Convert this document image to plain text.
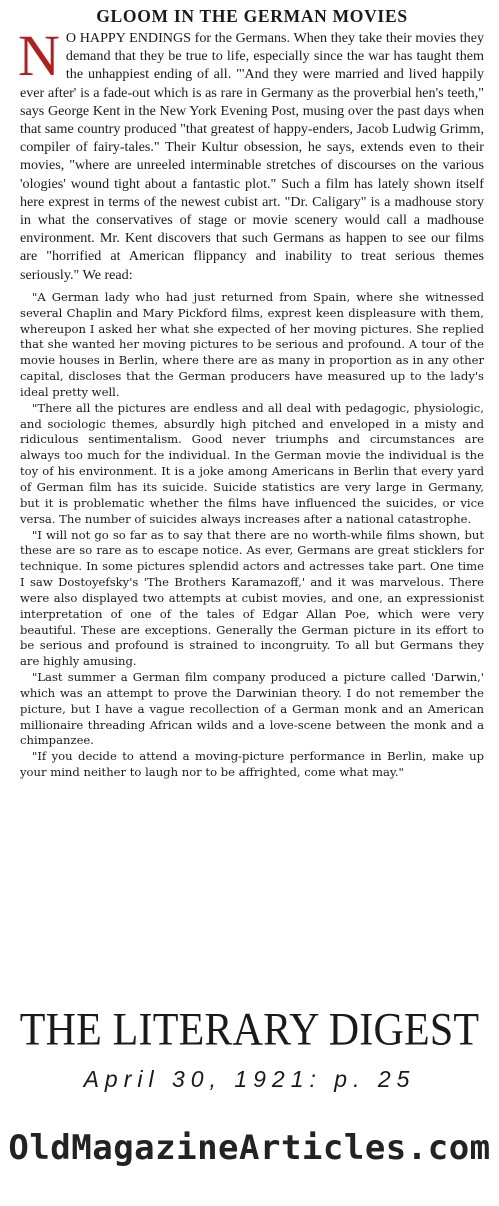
GLOOM IN THE GERMAN MOVIES

N O HAPPY ENDINGS for the Germans. When they take their movies they demand that they be true to life, especially since the war has taught them the unhappiest ending of all. "'And they were married and lived happily ever after' is a fade-out which is as rare in Germany as the proverbial hen's teeth," says George Kent in the New York Evening Post, musing over the past days when that same country produced "that greatest of happy-enders, Jacob Ludwig Grimm, compiler of fairy-tales." Their Kultur obsession, he says, extends even to their movies, "where are unreeled interminable stretches of discourses on the various 'ologies' wound tight about a fantastic plot." Such a film has lately shown itself here exprest in terms of the newest cubist art. "Dr. Caligary" is a madhouse story in what the conservatives of stage or movie scenery would call a madhouse environment. Mr. Kent discovers that such Germans as happen to see our films are "horrified at American flippancy and inability to treat serious themes seriously." We read:

"A German lady who had just returned from Spain, where she witnessed several Chaplin and Mary Pickford films, exprest keen displeasure with them, whereupon I asked her what she expected of her moving pictures. She replied that she wanted her moving pictures to be serious and profound. A tour of the movie houses in Berlin, where there are as many in proportion as in any other capital, discloses that the German producers have measured up to the lady's ideal pretty well.

"There all the pictures are endless and all deal with pedagogic, physiologic, and sociologic themes, absurdly high pitched and enveloped in a misty and ridiculous sentimentalism. Good never triumphs and circumstances are always too much for the individual. In the German movie the individual is the toy of his environment. It is a joke among Americans in Berlin that every yard of German film has its suicide. Suicide statistics are very large in Germany, but it is problematic whether the films have influenced the suicides, or vice versa. The number of suicides always increases after a national catastrophe.

"I will not go so far as to say that there are no worth-while films shown, but these are so rare as to escape notice. As ever, Germans are great sticklers for technique. In some pictures splendid actors and actresses take part. One time I saw Dostoyefsky's 'The Brothers Karamazoff,' and it was marvelous. There were also displayed two attempts at cubist movies, and one, an expressionist interpretation of one of the tales of Edgar Allan Poe, which were very beautiful. These are exceptions. Generally the German picture in its effort to be serious and profound is strained to incongruity. To all but Germans they are highly amusing.

"Last summer a German film company produced a picture called 'Darwin,' which was an attempt to prove the Darwinian theory. I do not remember the picture, but I have a vague recollection of a German monk and an American millionaire threading African wilds and a love-scene between the monk and a chimpanzee.

"If you decide to attend a moving-picture performance in Berlin, make up your mind neither to laugh nor to be affrighted, come what may."

THE LITERARY DIGEST
April 30, 1921: p. 25
OldMagazineArticles.com
